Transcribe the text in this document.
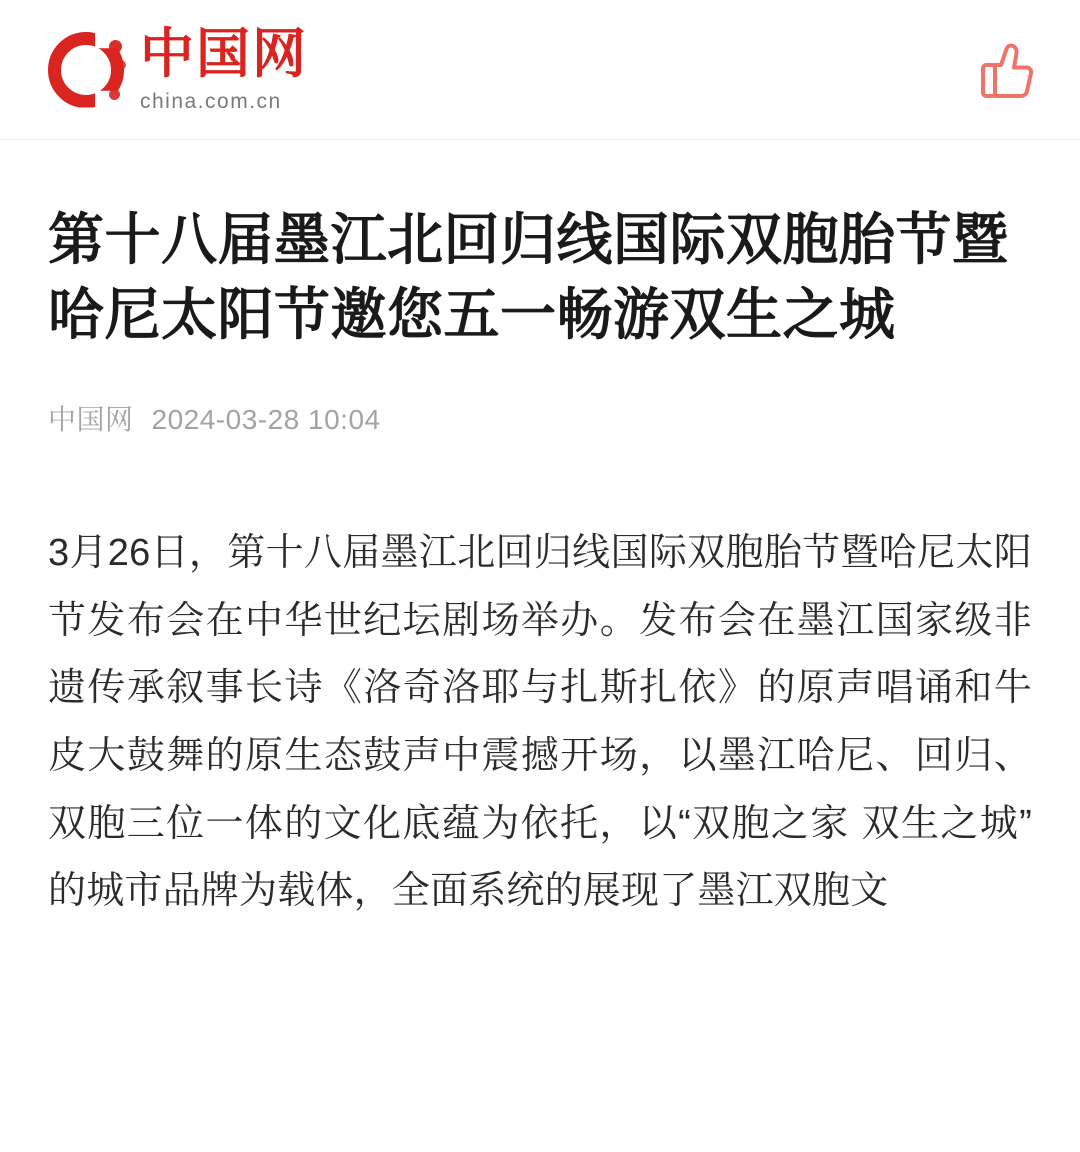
中国网
china.com.cn
第十八届墨江北回归线国际双胞胎节暨哈尼太阳节邀您五一畅游双生之城
中国网 2024-03-28 10:04

3月26日，第十八届墨江北回归线国际双胞胎节暨哈尼太阳节发布会在中华世纪坛剧场举办。发布会在墨江国家级非遗传承叙事长诗《洛奇洛耶与扎斯扎依》的原声唱诵和牛皮大鼓舞的原生态鼓声中震撼开场，以墨江哈尼、回归、双胞三位一体的文化底蕴为依托，以“双胞之家 双生之城”的城市品牌为载体，全面系统的展现了墨江双胞文
